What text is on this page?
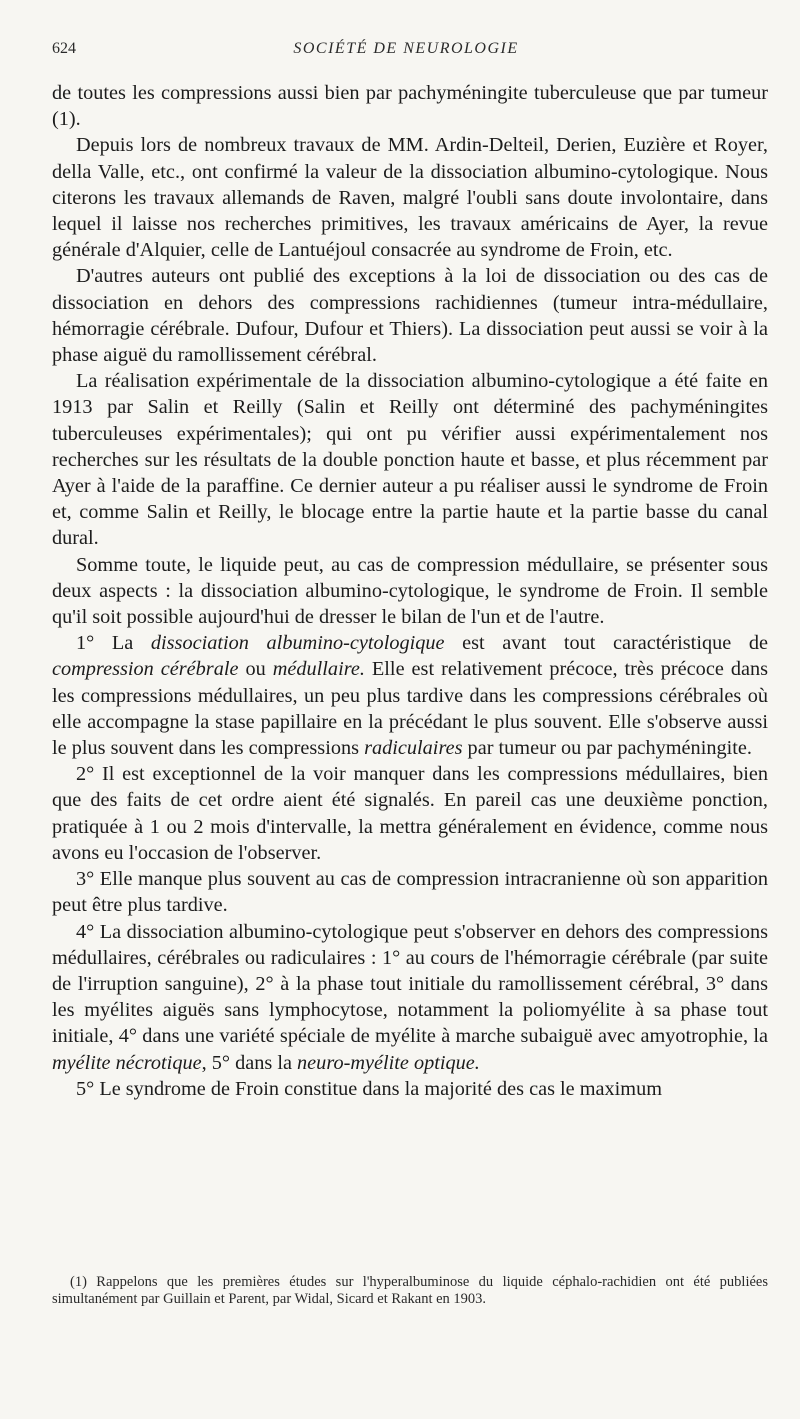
624	SOCIÉTÉ DE NEUROLOGIE

de toutes les compressions aussi bien par pachyméningite tuberculeuse que par tumeur (1).

Depuis lors de nombreux travaux de MM. Ardin-Delteil, Derien, Euzière et Royer, della Valle, etc., ont confirmé la valeur de la dissociation albumino-cytologique. Nous citerons les travaux allemands de Raven, malgré l'oubli sans doute involontaire, dans lequel il laisse nos recherches primitives, les travaux américains de Ayer, la revue générale d'Alquier, celle de Lantuéjoul consacrée au syndrome de Froin, etc.

D'autres auteurs ont publié des exceptions à la loi de dissociation ou des cas de dissociation en dehors des compressions rachidiennes (tumeur intra-médullaire, hémorragie cérébrale. Dufour, Dufour et Thiers). La dissociation peut aussi se voir à la phase aiguë du ramollissement cérébral.

La réalisation expérimentale de la dissociation albumino-cytologique a été faite en 1913 par Salin et Reilly (Salin et Reilly ont déterminé des pachyméningites tuberculeuses expérimentales); qui ont pu vérifier aussi expérimentalement nos recherches sur les résultats de la double ponction haute et basse, et plus récemment par Ayer à l'aide de la paraffine. Ce dernier auteur a pu réaliser aussi le syndrome de Froin et, comme Salin et Reilly, le blocage entre la partie haute et la partie basse du canal dural.

Somme toute, le liquide peut, au cas de compression médullaire, se présenter sous deux aspects : la dissociation albumino-cytologique, le syndrome de Froin. Il semble qu'il soit possible aujourd'hui de dresser le bilan de l'un et de l'autre.

1° La dissociation albumino-cytologique est avant tout caractéristique de compression cérébrale ou médullaire. Elle est relativement précoce, très précoce dans les compressions médullaires, un peu plus tardive dans les compressions cérébrales où elle accompagne la stase papillaire en la précédant le plus souvent. Elle s'observe aussi le plus souvent dans les compressions radiculaires par tumeur ou par pachyméningite.

2° Il est exceptionnel de la voir manquer dans les compressions médullaires, bien que des faits de cet ordre aient été signalés. En pareil cas une deuxième ponction, pratiquée à 1 ou 2 mois d'intervalle, la mettra généralement en évidence, comme nous avons eu l'occasion de l'observer.

3° Elle manque plus souvent au cas de compression intracranienne où son apparition peut être plus tardive.

4° La dissociation albumino-cytologique peut s'observer en dehors des compressions médullaires, cérébrales ou radiculaires : 1° au cours de l'hémorragie cérébrale (par suite de l'irruption sanguine), 2° à la phase tout initiale du ramollissement cérébral, 3° dans les myélites aiguës sans lymphocytose, notamment la poliomyélite à sa phase tout initiale, 4° dans une variété spéciale de myélite à marche subaiguë avec amyotrophie, la myélite nécrotique, 5° dans la neuro-myélite optique.

5° Le syndrome de Froin constitue dans la majorité des cas le maximum

(1) Rappelons que les premières études sur l'hyperalbuminose du liquide céphalo-rachidien ont été publiées simultanément par Guillain et Parent, par Widal, Sicard et Rakant en 1903.
